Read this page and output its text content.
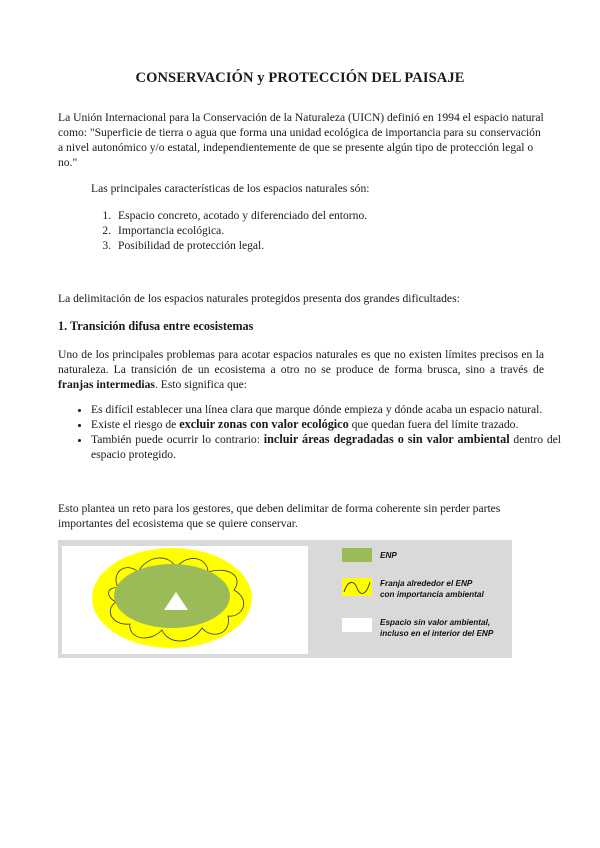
CONSERVACIÓN y PROTECCIÓN DEL PAISAJE

La Unión Internacional para la Conservación de la Naturaleza (UICN) definió en 1994 el espacio natural como: "Superficie de tierra o agua que forma una unidad ecológica de importancia para su conservación a nivel autonómico y/o estatal, independientemente de que se presente algún tipo de protección legal o no."

Las principales características de los espacios naturales són:

1. Espacio concreto, acotado y diferenciado del entorno.
2. Importancia ecológica.
3. Posibilidad de protección legal.

La delimitación de los espacios naturales protegidos presenta dos grandes dificultades:

1. Transición difusa entre ecosistemas

Uno de los principales problemas para acotar espacios naturales es que no existen límites precisos en la naturaleza. La transición de un ecosistema a otro no se produce de forma brusca, sino a través de franjas intermedias. Esto significa que:

• Es difícil establecer una línea clara que marque dónde empieza y dónde acaba un espacio natural.
• Existe el riesgo de excluir zonas con valor ecológico que quedan fuera del límite trazado.
• También puede ocurrir lo contrario: incluir áreas degradadas o sin valor ambiental dentro del espacio protegido.

Esto plantea un reto para los gestores, que deben delimitar de forma coherente sin perder partes importantes del ecosistema que se quiere conservar.

ENP
Franja alrededor el ENP
con importancia ambiental
Espacio sin valor ambiental,
incluso en el interior del ENP
